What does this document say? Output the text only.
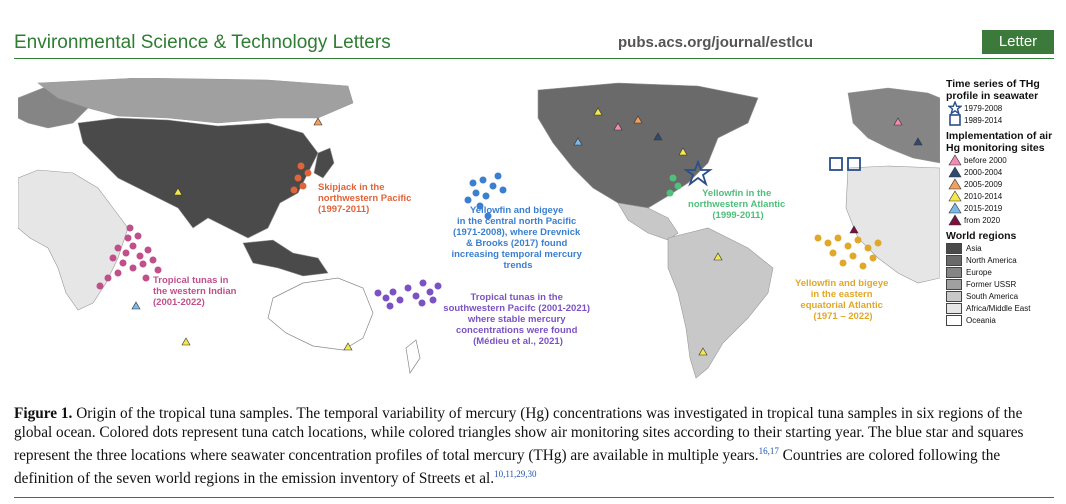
Environmental Science & Technology Letters	pubs.acs.org/journal/estlcu	Letter
Skipjack in the northwestern Pacific (1997-2011)	Yellowfin and bigeye in the central north Pacific (1971-2008), where Drevnick & Brooks (2017) found increasing temporal mercury trends
Yellowfin in the northwestern Atlantic (1999-2011)
Tropical tunas in the western Indian (2001-2022)	Tropical tunas in the southwestern Pacifc (2001-2021) where stable mercury concentrations were found (Médieu et al., 2021)
Yellowfin and bigeye in the eastern equatorial Atlantic (1971 – 2022)
Time series of THg
profile in seawater
1979-2008
1989-2014
Implementation of air
Hg monitoring sites
before 2000
2000-2004
2005-2009
2010-2014
2015-2019
from 2020
World regions
Asia
North America
Europe
Former USSR
South America
Africa/Middle East
Oceania
Figure 1. Origin of the tropical tuna samples. The temporal variability of mercury (Hg) concentrations was investigated in tropical tuna samples in six regions of the global ocean. Colored dots represent tuna catch locations, while colored triangles show air monitoring sites according to their starting year. The blue star and squares represent the three locations where seawater concentration profiles of total mercury (THg) are available in multiple years.$^{16,17}$ Countries are colored following the definition of the seven world regions in the emission inventory of Streets et al.$^{10,11,29,30}$
